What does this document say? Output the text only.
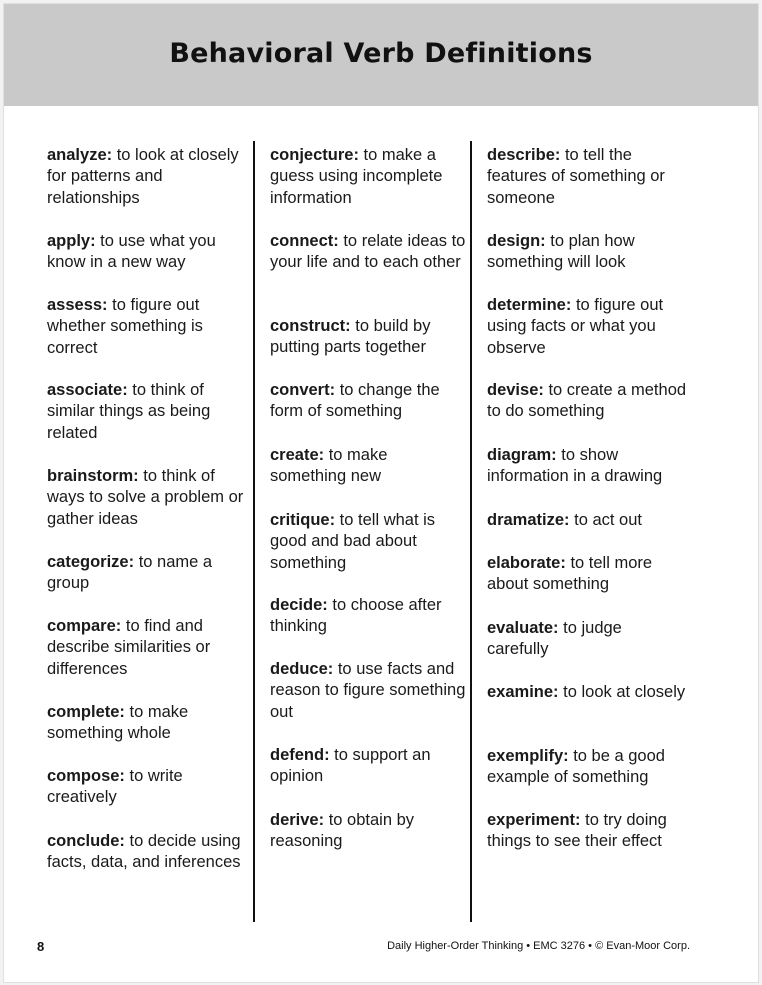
Behavioral Verb Definitions
analyze: to look at closely for patterns and relationships
apply: to use what you know in a new way
assess: to figure out whether something is correct
associate: to think of similar things as being related
brainstorm: to think of ways to solve a problem or gather ideas
categorize: to name a group
compare: to find and describe similarities or differences
complete: to make something whole
compose: to write creatively
conclude: to decide using facts, data, and inferences
conjecture: to make a guess using incomplete information
connect: to relate ideas to your life and to each other
construct: to build by putting parts together
convert: to change the form of something
create: to make something new
critique: to tell what is good and bad about something
decide: to choose after thinking
deduce: to use facts and reason to figure something out
defend: to support an opinion
derive: to obtain by reasoning
describe: to tell the features of something or someone
design: to plan how something will look
determine: to figure out using facts or what you observe
devise: to create a method to do something
diagram: to show information in a drawing
dramatize: to act out
elaborate: to tell more about something
evaluate: to judge carefully
examine: to look at closely
exemplify: to be a good example of something
experiment: to try doing things to see their effect
8	Daily Higher-Order Thinking • EMC 3276 • © Evan-Moor Corp.
